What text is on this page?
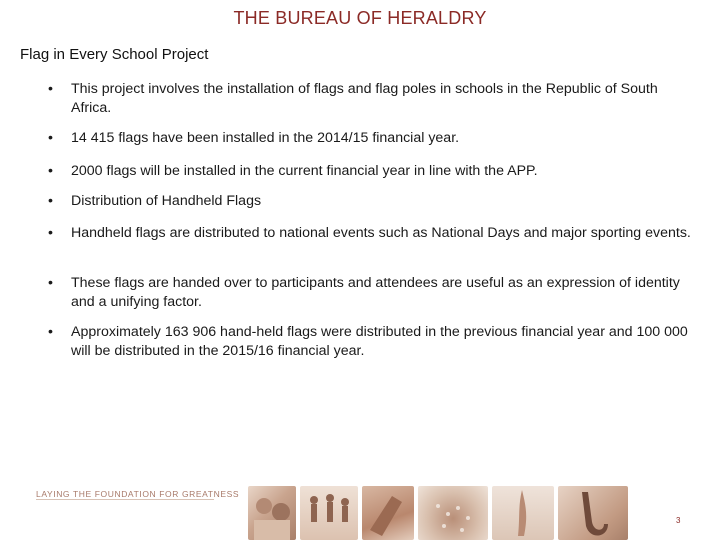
THE BUREAU OF HERALDRY
Flag in Every School Project
•	This project involves the installation of flags and flag poles in schools in the Republic of South Africa.
•	14 415 flags have been installed in the 2014/15 financial year.
•	2000 flags will be installed in the current financial year in line with the APP.
•	Distribution of Handheld Flags
•	Handheld flags are distributed to national events such as National Days and major sporting events.
•	These flags are handed over to participants and attendees are useful as an expression of identity and a unifying factor.
•	Approximately 163 906 hand-held flags were distributed in the previous financial year and 100 000 will be distributed in the 2015/16 financial year.
LAYING THE FOUNDATION FOR GREATNESS
3
